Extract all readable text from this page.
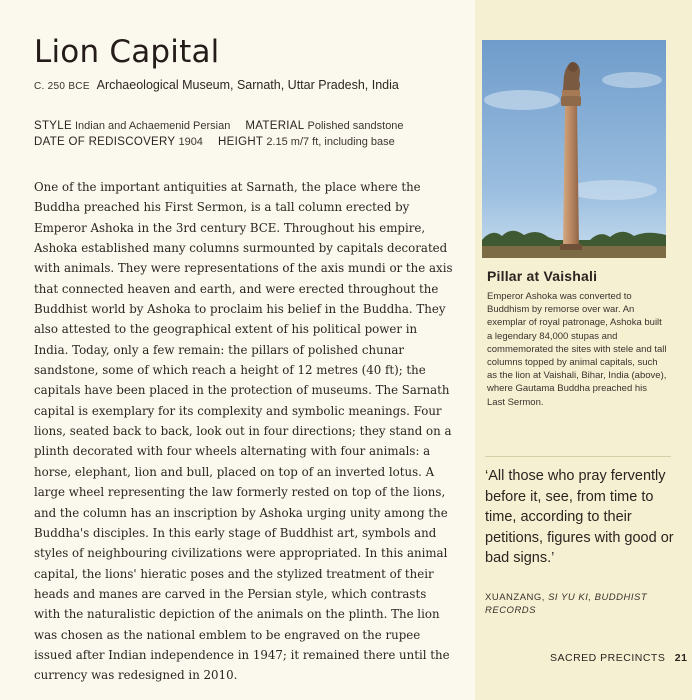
Lion Capital
C. 250 BCE Archaeological Museum, Sarnath, Uttar Pradesh, India
STYLE Indian and Achaemenid Persian MATERIAL Polished sandstone
DATE OF REDISCOVERY 1904 HEIGHT 2.15 m/7 ft, including base

One of the important antiquities at Sarnath, the place where the Buddha preached his First Sermon, is a tall column erected by Emperor Ashoka in the 3rd century BCE. Throughout his empire, Ashoka established many columns surmounted by capitals decorated with animals. They were representations of the axis mundi or the axis that connected heaven and earth, and were erected throughout the Buddhist world by Ashoka to proclaim his belief in the Buddha. They also attested to the geographical extent of his political power in India. Today, only a few remain: the pillars of polished chunar sandstone, some of which reach a height of 12 metres (40 ft); the capitals have been placed in the protection of museums. The Sarnath capital is exemplary for its complexity and symbolic meanings. Four lions, seated back to back, look out in four directions; they stand on a plinth decorated with four wheels alternating with four animals: a horse, elephant, lion and bull, placed on top of an inverted lotus. A large wheel representing the law formerly rested on top of the lions, and the column has an inscription by Ashoka urging unity among the Buddha's disciples. In this early stage of Buddhist art, symbols and styles of neighbouring civilizations were appropriated. In this animal capital, the lions' hieratic poses and the stylized treatment of their heads and manes are carved in the Persian style, which contrasts with the naturalistic depiction of the animals on the plinth. The lion was chosen as the national emblem to be engraved on the rupee issued after Indian independence in 1947; it remained there until the currency was redesigned in 2010.

Pillar at Vaishali
Emperor Ashoka was converted to Buddhism by remorse over war. An exemplar of royal patronage, Ashoka built a legendary 84,000 stupas and commemorated the sites with stele and tall columns topped by animal capitals, such as the lion at Vaishali, Bihar, India (above), where Gautama Buddha preached his Last Sermon.
‘All those who pray fervently before it, see, from time to time, according to their petitions, figures with good or bad signs.’
XUANZANG, SI YU KI, BUDDHIST RECORDS
SACRED PRECINCTS 21
